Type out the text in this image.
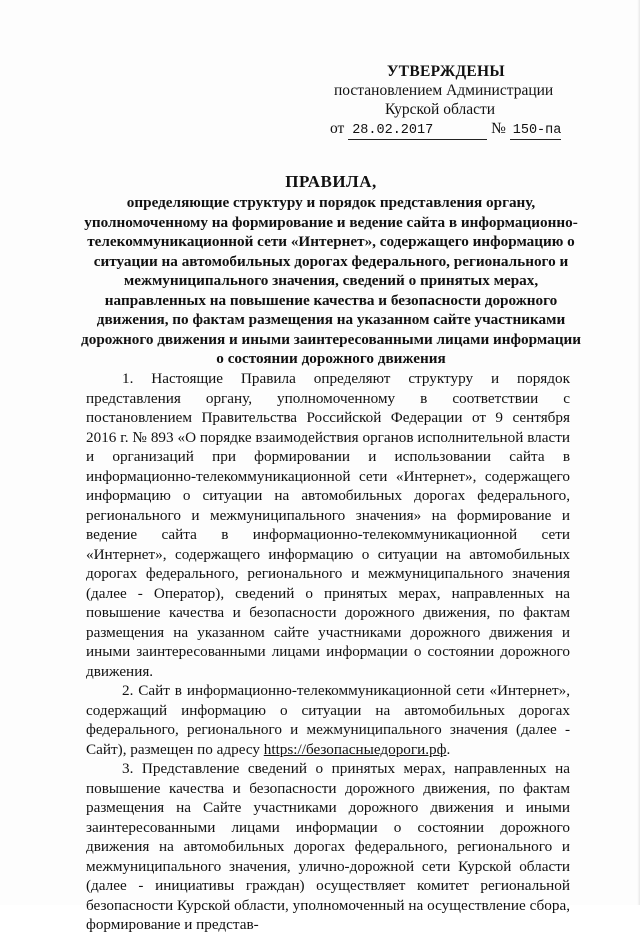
УТВЕРЖДЕНЫ
постановлением Администрации
Курской области
от 28.02.2017	№ 150-па
ПРАВИЛА,
определяющие структуру и порядок представления органу, уполномоченному на формирование и ведение сайта в информационно-телекоммуникационной сети «Интернет», содержащего информацию о ситуации на автомобильных дорогах федерального, регионального и межмуниципального значения, сведений о принятых мерах, направленных на повышение качества и безопасности дорожного движения, по фактам размещения на указанном сайте участниками дорожного движения и иными заинтересованными лицами информации о состоянии дорожного движения

1. Настоящие Правила определяют структуру и порядок представления органу, уполномоченному в соответствии с постановлением Правительства Российской Федерации от 9 сентября 2016 г. № 893 «О порядке взаимодействия органов исполнительной власти и организаций при формировании и использовании сайта в информационно-телекоммуникационной сети «Интернет», содержащего информацию о ситуации на автомобильных дорогах федерального, регионального и межмуниципального значения» на формирование и ведение сайта в информационно-телекоммуникационной сети «Интернет», содержащего информацию о ситуации на автомобильных дорогах федерального, регионального и межмуниципального значения (далее - Оператор), сведений о принятых мерах, направленных на повышение качества и безопасности дорожного движения, по фактам размещения на указанном сайте участниками дорожного движения и иными заинтересованными лицами информации о состоянии дорожного движения.

2. Сайт в информационно-телекоммуникационной сети «Интернет», содержащий информацию о ситуации на автомобильных дорогах федерального, регионального и межмуниципального значения (далее - Сайт), размещен по адресу https://безопасныедороги.рф.

3. Представление сведений о принятых мерах, направленных на повышение качества и безопасности дорожного движения, по фактам размещения на Сайте участниками дорожного движения и иными заинтересованными лицами информации о состоянии дорожного движения на автомобильных дорогах федерального, регионального и межмуниципального значения, улично-дорожной сети Курской области (далее - инициативы граждан) осуществляет комитет региональной безопасности Курской области, уполномоченный на осуществление сбора, формирование и представ-
